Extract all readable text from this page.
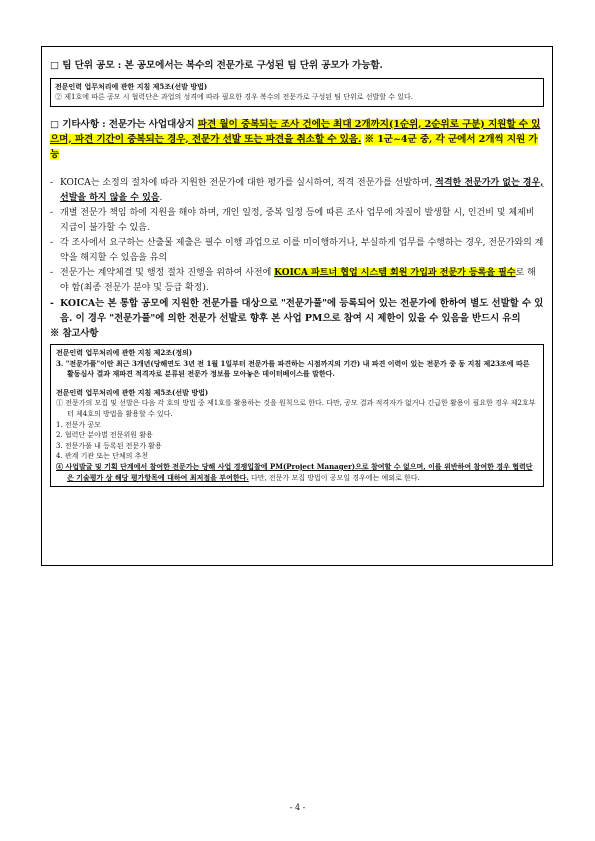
□ 팀 단위 공모 : 본 공모에서는 복수의 전문가로 구성된 팀 단위 공모가 가능함.

전문인력 업무처리에 관한 지침 제5조(선발 방법)
② 제1호에 따른 공모 시 협력단은 과업의 성격에 따라 필요한 경우 복수의 전문가로 구성된 팀 단위로 선발할 수 있다.

□ 기타사항 : 전문가는 사업대상지 파견 월이 중복되는 조사 건에는 최대 2개까지(1순위, 2순위로 구분) 지원할 수 있으며, 파견 기간이 중복되는 경우, 전문가 선발 또는 파견을 취소할 수 있음. ※ 1군~4군 중, 각 군에서 2개씩 지원 가능

- KOICA는 소정의 절차에 따라 지원한 전문가에 대한 평가를 실시하여, 적격 전문가를 선발하며, 적격한 전문가가 없는 경우, 선발을 하지 않을 수 있음.
- 개별 전문가 책임 하에 지원을 해야 하며, 개인 일정, 중복 일정 등에 따른 조사 업무에 차질이 발생할 시, 인건비 및 체제비 지급이 불가할 수 있음.
- 각 조사에서 요구하는 산출물 제출은 필수 이행 과업으로 이를 미이행하거나, 부실하게 업무를 수행하는 경우, 전문가와의 계약을 해지할 수 있음을 유의
- 전문가는 계약체결 및 행정 절차 진행을 위하여 사전에 KOICA 파트너 협업 시스템 회원 가입과 전문가 등록을 필수로 해야 함(최종 전문가 분야 및 등급 확정).
- KOICA는 본 통합 공모에 지원한 전문가를 대상으로 "전문가풀"에 등록되어 있는 전문가에 한하여 별도 선발할 수 있음. 이 경우 "전문가풀"에 의한 전문가 선발로 향후 본 사업 PM으로 참여 시 제한이 있을 수 있음을 반드시 유의

※ 참고사항

전문인력 업무처리에 관한 지침 제2조(정의)
3. "전문가풀"이란 최근 3개년(당해연도 3년 전 1월 1일부터 전문가를 파견하는 시점까지의 기간) 내 파견 이력이 있는 전문가 중 동 지침 제23조에 따른 활동심사 결과 재파견 적격자로 분류된 전문가 정보를 모아놓은 데이터베이스를 말한다.
전문인력 업무처리에 관한 지침 제5조(선발 방법)
① 전문가의 모집 및 선발은 다음 각 호의 방법 중 제1호를 활용하는 것을 원칙으로 한다. 다만, 공모 결과 적격자가 없거나 긴급한 활용이 필요한 경우 제2호부터 제4호의 방법을 활용할 수 있다.
1. 전문가 공모
2. 협력단 분야별 전문위원 활용
3. 전문가풀 내 등록된 전문가 활용
4. 관계 기관 또는 단체의 추천
④ 사업발굴 및 기획 단계에서 참여한 전문가는 당해 사업 경쟁입찰에 PM(Project Manager)으로 참여할 수 없으며, 이를 위반하여 참여한 경우 협력단은 기술평가 상 해당 평가항목에 대하여 최저점을 부여한다. 다만, 전문가 모집 방법이 공모일 경우에는 예외로 한다.
- 4 -
